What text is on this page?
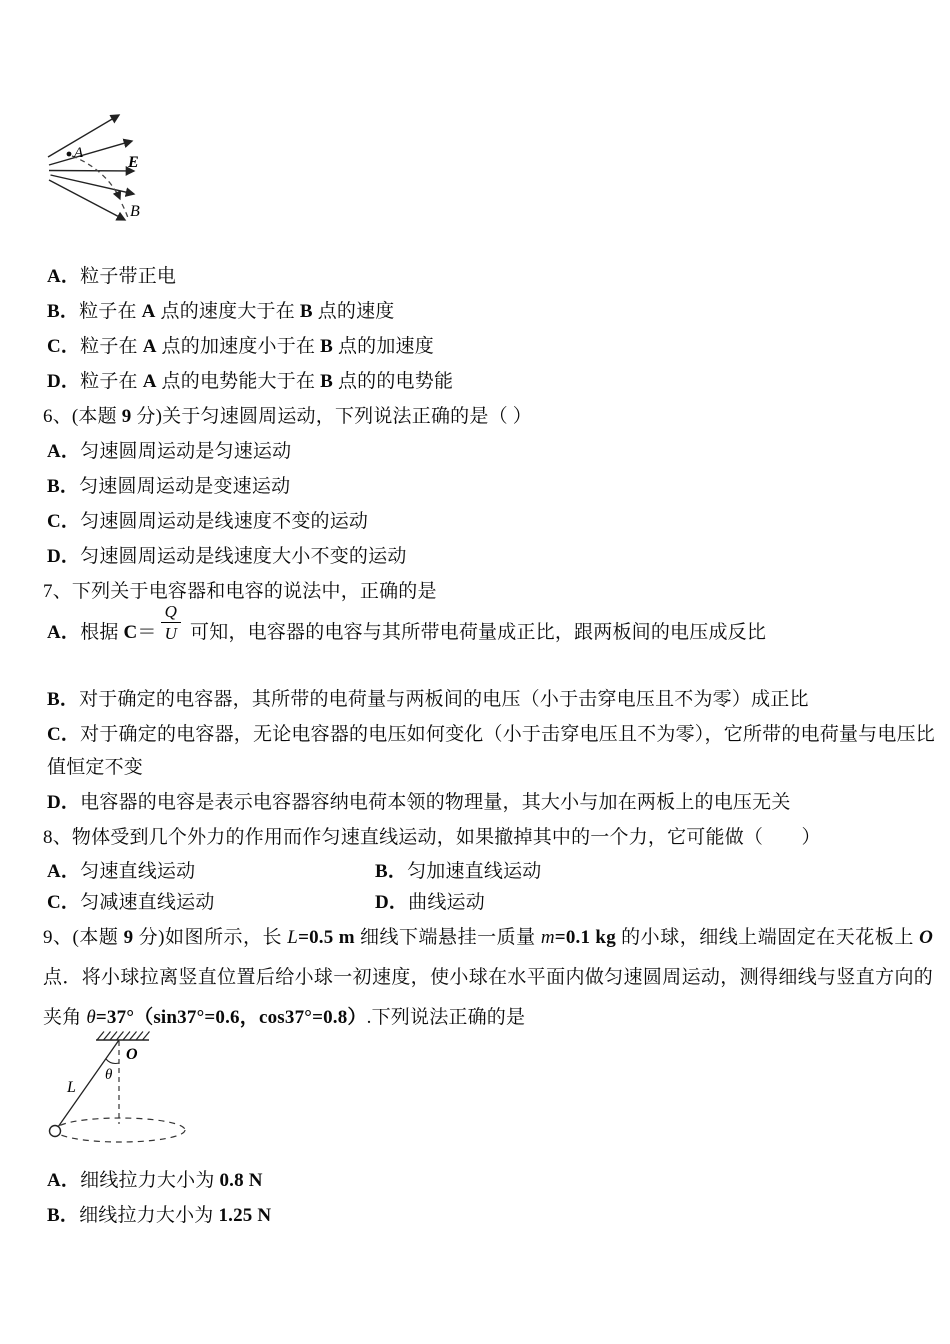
A
E
B
A．粒子带正电
B．粒子在 A 点的速度大于在 B 点的速度
C．粒子在 A 点的加速度小于在 B 点的加速度
D．粒子在 A 点的电势能大于在 B 点的的电势能
6、(本题 9 分)关于匀速圆周运动，下列说法正确的是（ ）
A．匀速圆周运动是匀速运动
B．匀速圆周运动是变速运动
C．匀速圆周运动是线速度不变的运动
D．匀速圆周运动是线速度大小不变的运动
7、下列关于电容器和电容的说法中，正确的是
A．根据 $C= \frac{Q}{U}$ 可知，电容器的电容与其所带电荷量成正比，跟两板间的电压成反比
B．对于确定的电容器，其所带的电荷量与两板间的电压（小于击穿电压且不为零）成正比
C．对于确定的电容器，无论电容器的电压如何变化（小于击穿电压且不为零），它所带的电荷量与电压比值恒定不变
D．电容器的电容是表示电容器容纳电荷本领的物理量，其大小与加在两板上的电压无关
8、物体受到几个外力的作用而作匀速直线运动，如果撤掉其中的一个力，它可能做（　　）
A．匀速直线运动	B．匀加速直线运动
C．匀减速直线运动	D．曲线运动
9、(本题 9 分)如图所示，长 L=0.5 m 细线下端悬挂一质量 m=0.1 kg 的小球，细线上端固定在天花板上 O 点．将小球拉离竖直位置后给小球一初速度，使小球在水平面内做匀速圆周运动，测得细线与竖直方向的夹角 θ=37°（sin37°=0.6，cos37°=0.8）.下列说法正确的是
O
θ
L
A．细线拉力大小为 0.8 N
B．细线拉力大小为 1.25 N
